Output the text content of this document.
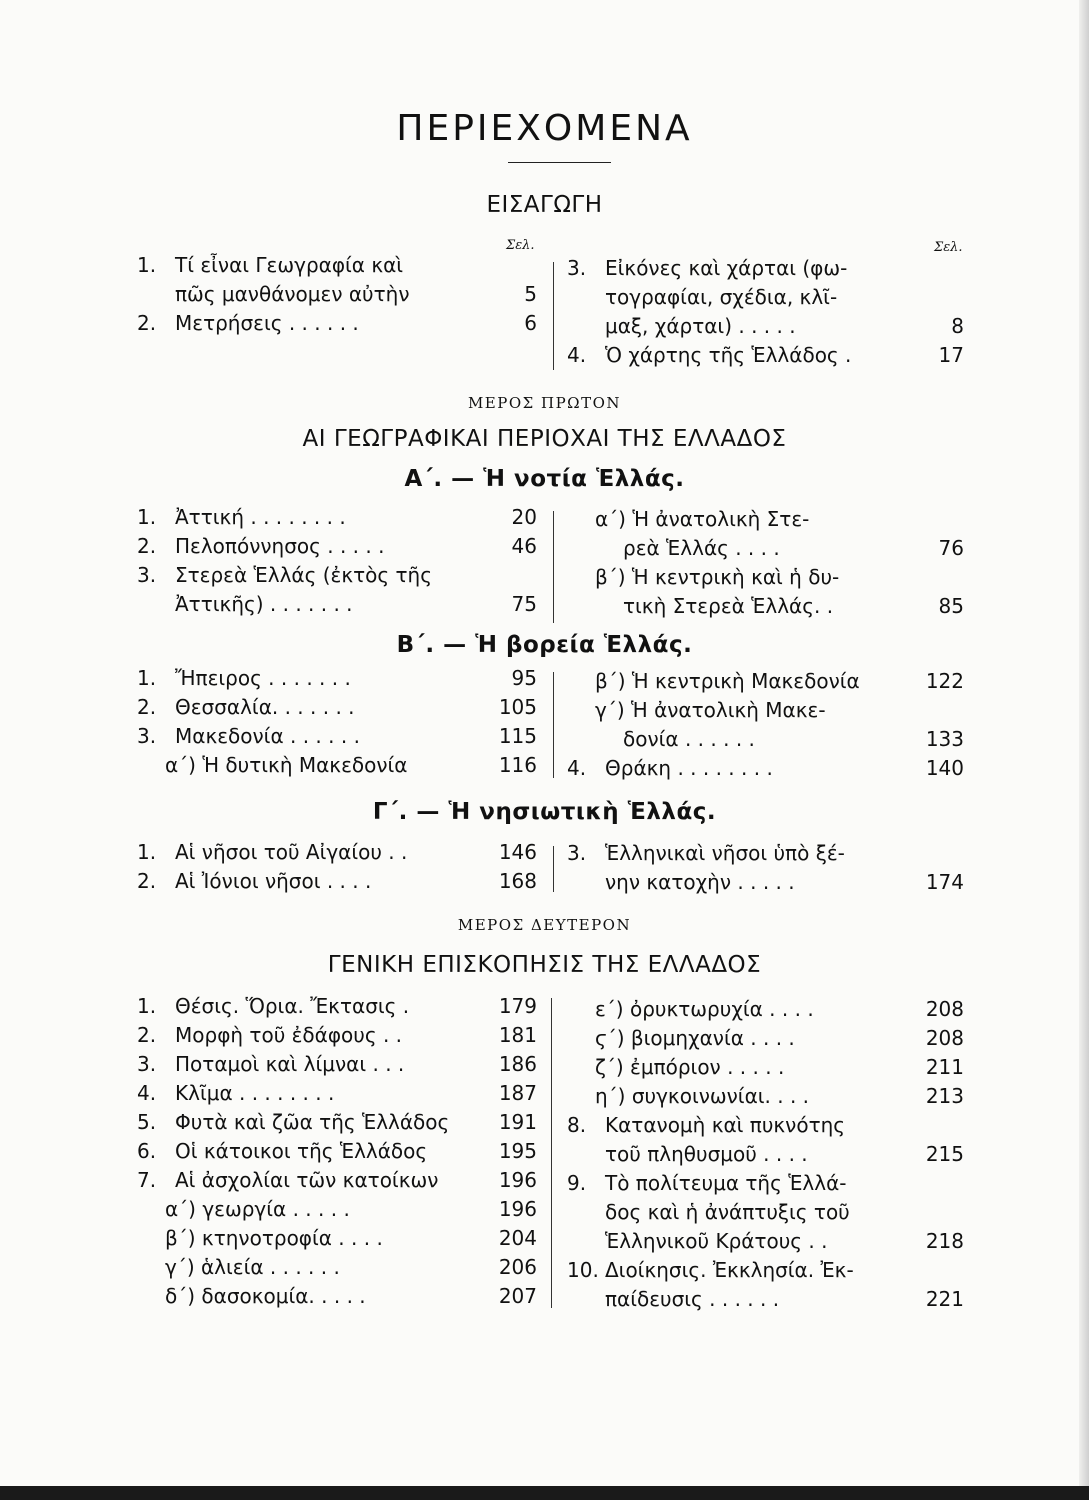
ΠΕΡΙΕΧΟΜΕΝΑ
ΕΙΣΑΓΩΓΗ
Σελ.	Σελ.
1. Τί εἶναι Γεωγραφία καὶ
πῶς μανθάνομεν αὐτὴν	5
2. Μετρήσεις . . . . . .	6
3. Εἰκόνες καὶ χάρται (φω-
τογραφίαι, σχέδια, κλῖ-
μαξ, χάρται) . . . . .	8
4. Ὁ χάρτης τῆς Ἑλλάδος .	17
ΜΕΡΟΣ ΠΡΩΤΟΝ
ΑΙ ΓΕΩΓΡΑΦΙΚΑΙ ΠΕΡΙΟΧΑΙ ΤΗΣ ΕΛΛΑΔΟΣ
Α΄. — Ἡ νοτία Ἑλλάς.
1. Ἀττική . . . . . . . .	20
2. Πελοπόννησος . . . . .	46
3. Στερεὰ Ἑλλάς (ἐκτὸς τῆς
Ἀττικῆς) . . . . . . .	75
α΄) Ἡ ἀνατολικὴ Στε-
ρεὰ Ἑλλάς . . . .	76
β΄) Ἡ κεντρικὴ καὶ ἡ δυ-
τικὴ Στερεὰ Ἑλλάς. .	85
Β΄. — Ἡ βορεία Ἑλλάς.
1. Ἤπειρος . . . . . . .	95
2. Θεσσαλία. . . . . . .	105
3. Μακεδονία . . . . . .	115
α΄) Ἡ δυτικὴ Μακεδονία	116
β΄) Ἡ κεντρικὴ Μακεδονία	122
γ΄) Ἡ ἀνατολικὴ Μακε-
δονία . . . . . .	133
4. Θράκη . . . . . . . .	140
Γ΄. — Ἡ νησιωτικὴ Ἑλλάς.
1. Αἱ νῆσοι τοῦ Αἰγαίου . .	146
2. Αἱ Ἰόνιοι νῆσοι . . . .	168
3. Ἑλληνικαὶ νῆσοι ὑπὸ ξέ-
νην κατοχὴν . . . . .	174
ΜΕΡΟΣ ΔΕΥΤΕΡΟΝ
ΓΕΝΙΚΗ ΕΠΙΣΚΟΠΗΣΙΣ ΤΗΣ ΕΛΛΑΔΟΣ
1. Θέσις. Ὅρια. Ἔκτασις .	179
2. Μορφὴ τοῦ ἐδάφους . .	181
3. Ποταμοὶ καὶ λίμναι . . .	186
4. Κλῖμα . . . . . . . .	187
5. Φυτὰ καὶ ζῶα τῆς Ἑλλάδος 191
6. Οἱ κάτοικοι τῆς Ἑλλάδος	195
7. Αἱ ἀσχολίαι τῶν κατοίκων	196
α΄) γεωργία . . . . .	196
β΄) κτηνοτροφία . . . .	204
γ΄) ἁλιεία . . . . . .	206
δ΄) δασοκομία. . . . .	207
ε΄) ὀρυκτωρυχία . . . .	208
ϛ΄) βιομηχανία . . . .	208
ζ΄) ἐμπόριον . . . . .	211
η΄) συγκοινωνίαι. . . .	213
8. Κατανομὴ καὶ πυκνότης
τοῦ πληθυσμοῦ . . . .	215
9. Τὸ πολίτευμα τῆς Ἑλλά-
δος καὶ ἡ ἀνάπτυξις τοῦ
Ἑλληνικοῦ Κράτους . .	218
10. Διοίκησις. Ἐκκλησία. Ἐκ-
παίδευσις . . . . . .	221
